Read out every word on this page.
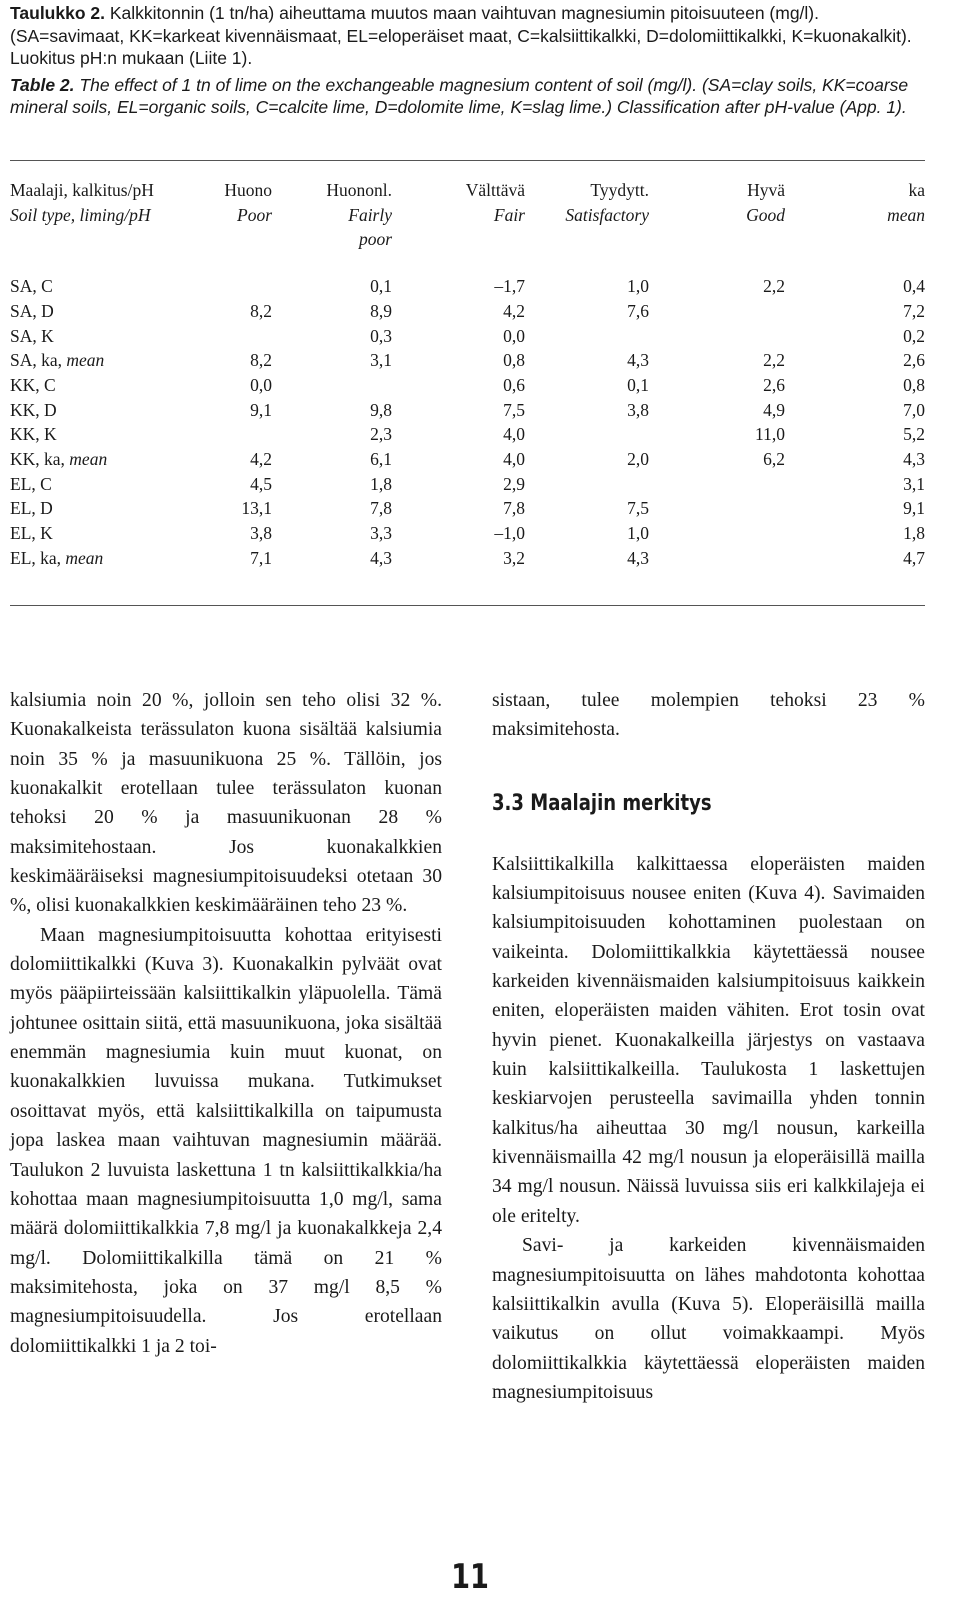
Taulukko 2. Kalkkitonnin (1 tn/ha) aiheuttama muutos maan vaihtuvan magnesiumin pitoisuuteen (mg/l). (SA=savimaat, KK=karkeat kivennäismaat, EL=eloperäiset maat, C=kalsiittikalkki, D=dolomiittikalkki, K=kuonakalkit). Luokitus pH:n mukaan (Liite 1).

Table 2. The effect of 1 tn of lime on the exchangeable magnesium content of soil (mg/l). (SA=clay soils, KK=coarse mineral soils, EL=organic soils, C=calcite lime, D=dolomite lime, K=slag lime.) Classification after pH-value (App. 1).

Maalaji, kalkitus/pH	Huono	Huononl.	Välttävä	Tyydytt.	Hyvä	ka
Soil type, liming/pH	Poor	Fairly	Fair	Satisfactory	Good	mean
		poor				

SA, C		0,1	–1,7	1,0	2,2	0,4
SA, D	8,2	8,9	4,2	7,6		7,2
SA, K		0,3	0,0			0,2
SA, ka, mean	8,2	3,1	0,8	4,3	2,2	2,6
KK, C	0,0		0,6	0,1	2,6	0,8
KK, D	9,1	9,8	7,5	3,8	4,9	7,0
KK, K		2,3	4,0		11,0	5,2
KK, ka, mean	4,2	6,1	4,0	2,0	6,2	4,3
EL, C	4,5	1,8	2,9			3,1
EL, D	13,1	7,8	7,8	7,5		9,1
EL, K	3,8	3,3	–1,0	1,0		1,8
EL, ka, mean	7,1	4,3	3,2	4,3		4,7

kalsiumia noin 20 %, jolloin sen teho olisi 32 %. Kuonakalkeista terässulaton kuona sisältää kalsiumia noin 35 % ja masuunikuona 25 %. Tällöin, jos kuonakalkit erotellaan tulee terässulaton kuonan tehoksi 20 % ja masuunikuonan 28 % maksimitehostaan. Jos kuonakalkkien keskimääräiseksi magnesiumpitoisuudeksi otetaan 30 %, olisi kuonakalkkien keskimääräinen teho 23 %.

Maan magnesiumpitoisuutta kohottaa erityisesti dolomiittikalkki (Kuva 3). Kuonakalkin pylväät ovat myös pääpiirteissään kalsiittikalkin yläpuolella. Tämä johtunee osittain siitä, että masuunikuona, joka sisältää enemmän magnesiumia kuin muut kuonat, on kuonakalkkien luvuissa mukana. Tutkimukset osoittavat myös, että kalsiittikalkilla on taipumusta jopa laskea maan vaihtuvan magnesiumin määrää. Taulukon 2 luvuista laskettuna 1 tn kalsiittikalkkia/ha kohottaa maan magnesiumpitoisuutta 1,0 mg/l, sama määrä dolomiittikalkkia 7,8 mg/l ja kuonakalkkeja 2,4 mg/l. Dolomiittikalkilla tämä on 21 % maksimitehosta, joka on 37 mg/l 8,5 % magnesiumpitoisuudella. Jos erotellaan dolomiittikalkki 1 ja 2 toi-

sistaan, tulee molempien tehoksi 23 % maksimitehosta.

3.3 Maalajin merkitys

Kalsiittikalkilla kalkittaessa eloperäisten maiden kalsiumpitoisuus nousee eniten (Kuva 4). Savimaiden kalsiumpitoisuuden kohottaminen puolestaan on vaikeinta. Dolomiittikalkkia käytettäessä nousee karkeiden kivennäismaiden kalsiumpitoisuus kaikkein eniten, eloperäisten maiden vähiten. Erot tosin ovat hyvin pienet. Kuonakalkeilla järjestys on vastaava kuin kalsiittikalkeilla. Taulukosta 1 laskettujen keskiarvojen perusteella savimailla yhden tonnin kalkitus/ha aiheuttaa 30 mg/l nousun, karkeilla kivennäismailla 42 mg/l nousun ja eloperäisillä mailla 34 mg/l nousun. Näissä luvuissa siis eri kalkkilajeja ei ole eritelty.

Savi- ja karkeiden kivennäismaiden magnesiumpitoisuutta on lähes mahdotonta kohottaa kalsiittikalkin avulla (Kuva 5). Eloperäisillä mailla vaikutus on ollut voimakkaampi. Myös dolomiittikalkkia käytettäessä eloperäisten maiden magnesiumpitoisuus

11
